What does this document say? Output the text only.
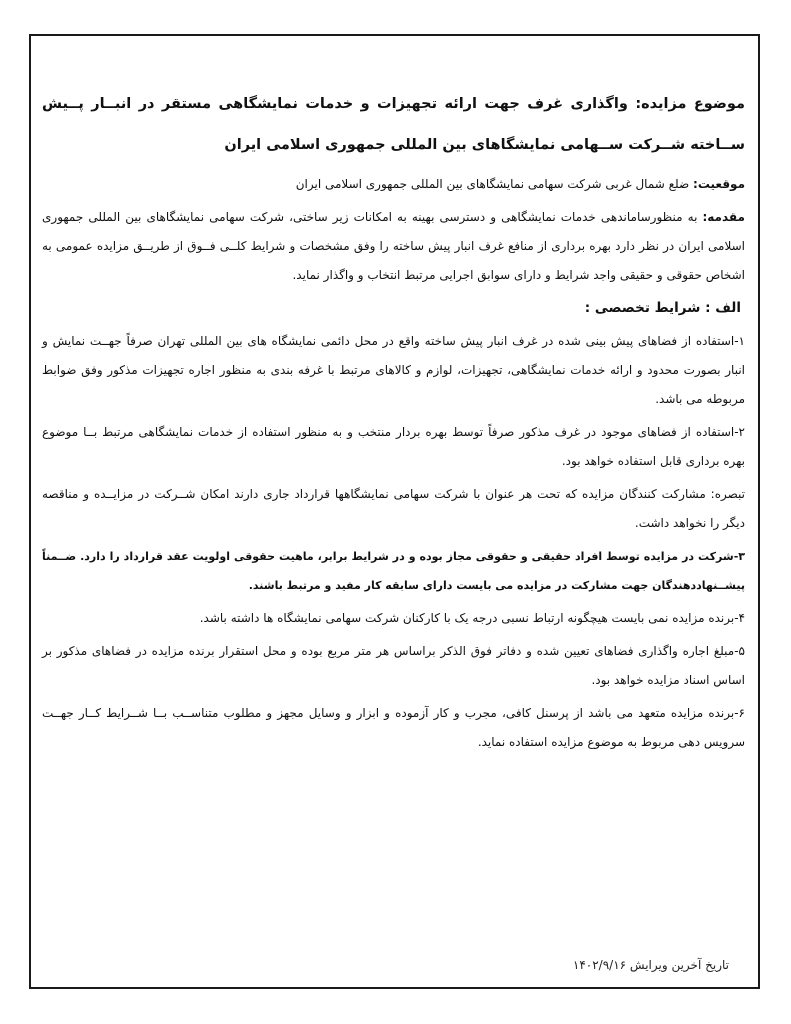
موضوع مزایده: واگذاری غرف جهت ارائه تجهیزات و خدمات نمایشگاهی مستقر در انبــار پــیش ســاخته شــرکت ســهامی نمایشگاهای بین المللی جمهوری اسلامی ایران

موقعیت: ضلع شمال غربی شرکت سهامی نمایشگاهای بین المللی جمهوری اسلامی ایران

مقدمه: به منظورساماندهی خدمات نمایشگاهی و دسترسی بهینه به امکانات زیر ساختی، شرکت سهامی نمایشگاهای بین المللی جمهوری اسلامی ایران در نظر دارد بهره برداری از منافع غرف انبار پیش ساخته را وفق مشخصات و شرایط کلــی فــوق از طریــق مزایده عمومی به اشخاص حقوقی و حقیقی واجد شرایط و دارای سوابق اجرایی مرتبط انتخاب و واگذار نماید.

الف : شرایط تخصصی :

۱-استفاده از فضاهای پیش بینی شده در غرف انبار پیش ساخته واقع در محل دائمی نمایشگاه های بین المللی تهران صرفاً جهــت نمایش و انبار بصورت محدود و ارائه خدمات نمایشگاهی، تجهیزات، لوازم و کالاهای مرتبط با غرفه بندی به منظور اجاره تجهیزات مذکور وفق ضوابط مربوطه می باشد.

۲-استفاده از فضاهای موجود در غرف مذکور صرفاً توسط بهره بردار منتخب و به منظور استفاده از خدمات نمایشگاهی مرتبط بــا موضوع بهره برداری قابل استفاده خواهد بود.

تبصره: مشارکت کنندگان مزایده که تحت هر عنوان با شرکت سهامی نمایشگاهها قرارداد جاری دارند امکان شــرکت در مزایــده و مناقصه دیگر را نخواهد داشت.

۳-شرکت در مزایده توسط افراد حقیقی و حقوقی مجاز بوده و در شرایط برابر، ماهیت حقوقی اولویت عقد قرارداد را دارد. ضــمناً پیشــنهاددهندگان جهت مشارکت در مزایده می بایست دارای سابقه کار مفید و مرتبط باشند.

۴-برنده مزایده نمی بایست هیچگونه ارتباط نسبی درجه یک با کارکنان شرکت سهامی نمایشگاه ها داشته باشد.

۵-مبلغ اجاره واگذاری فضاهای تعیین شده و دفاتر فوق الذکر براساس هر متر مربع بوده و محل استقرار برنده مزایده در فضاهای مذکور بر اساس اسناد مزایده خواهد بود.

۶-برنده مزایده متعهد می باشد از پرسنل کافی، مجرب و کار آزموده و ابزار و وسایل مجهز و مطلوب متناســب بــا شــرایط کــار جهــت سرویس دهی مربوط به موضوع مزایده استفاده نماید.

تاریخ آخرین ویرایش ۱۴۰۲/۹/۱۶
